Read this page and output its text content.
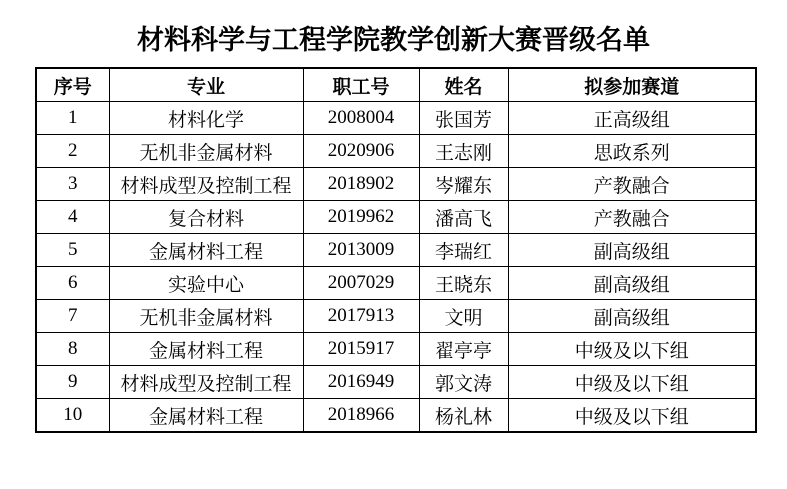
材料科学与工程学院教学创新大赛晋级名单
序号	专业	职工号	姓名	拟参加赛道
1	材料化学	2008004	张国芳	正高级组
2	无机非金属材料	2020906	王志刚	思政系列
3	材料成型及控制工程	2018902	岑耀东	产教融合
4	复合材料	2019962	潘高飞	产教融合
5	金属材料工程	2013009	李瑞红	副高级组
6	实验中心	2007029	王晓东	副高级组
7	无机非金属材料	2017913	文明	副高级组
8	金属材料工程	2015917	翟亭亭	中级及以下组
9	材料成型及控制工程	2016949	郭文涛	中级及以下组
10	金属材料工程	2018966	杨礼林	中级及以下组
